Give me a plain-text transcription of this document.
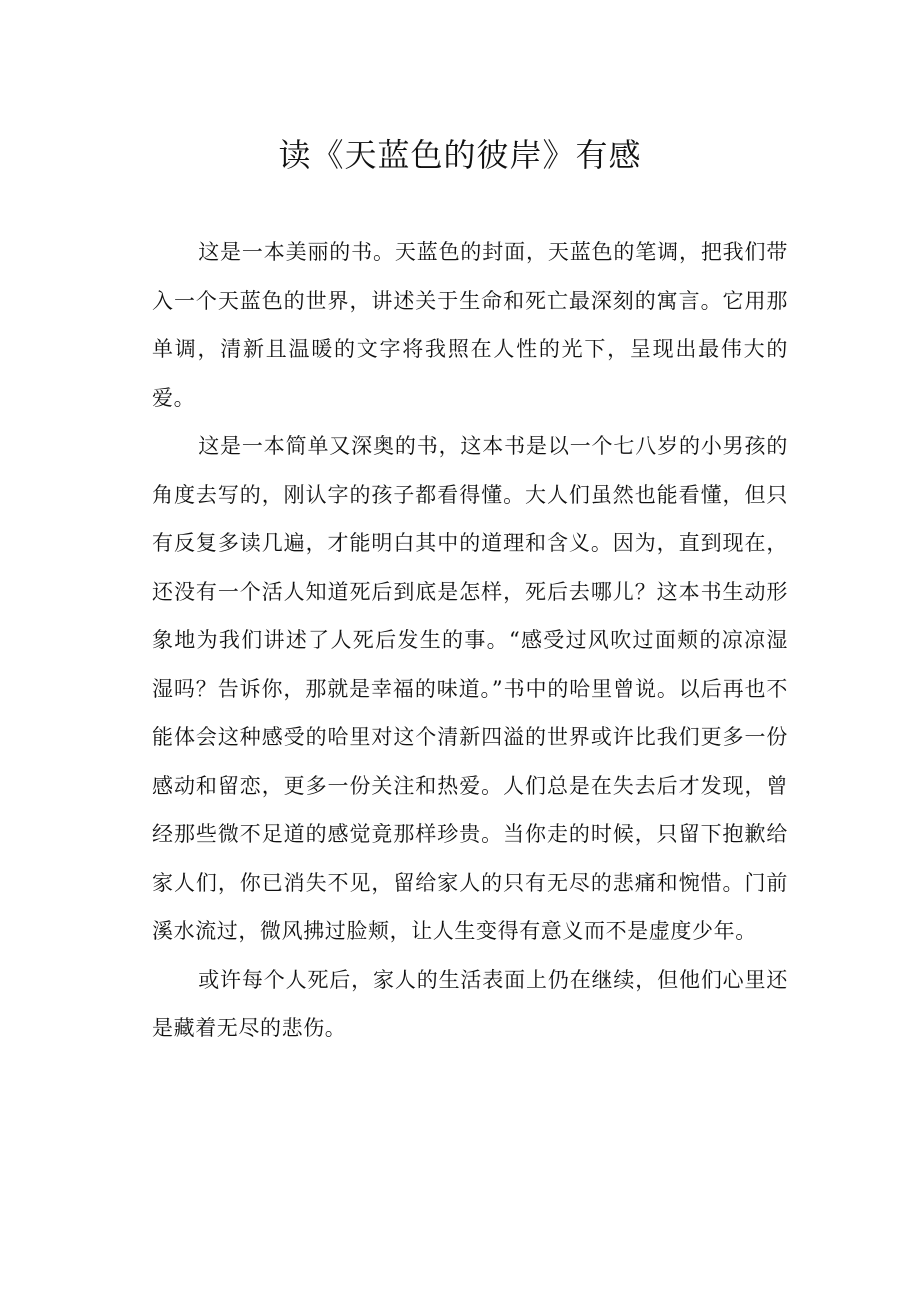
读《天蓝色的彼岸》有感

这是一本美丽的书。天蓝色的封面，天蓝色的笔调，把我们带入一个天蓝色的世界，讲述关于生命和死亡最深刻的寓言。它用那单调，清新且温暖的文字将我照在人性的光下，呈现出最伟大的爱。

这是一本简单又深奥的书，这本书是以一个七八岁的小男孩的角度去写的，刚认字的孩子都看得懂。大人们虽然也能看懂，但只有反复多读几遍，才能明白其中的道理和含义。因为，直到现在，还没有一个活人知道死后到底是怎样，死后去哪儿？这本书生动形象地为我们讲述了人死后发生的事。“感受过风吹过面颊的凉凉湿湿吗？告诉你，那就是幸福的味道。”书中的哈里曾说。以后再也不能体会这种感受的哈里对这个清新四溢的世界或许比我们更多一份感动和留恋，更多一份关注和热爱。人们总是在失去后才发现，曾经那些微不足道的感觉竟那样珍贵。当你走的时候，只留下抱歉给家人们，你已消失不见，留给家人的只有无尽的悲痛和惋惜。门前溪水流过，微风拂过脸颊，让人生变得有意义而不是虚度少年。

或许每个人死后，家人的生活表面上仍在继续，但他们心里还是藏着无尽的悲伤。
